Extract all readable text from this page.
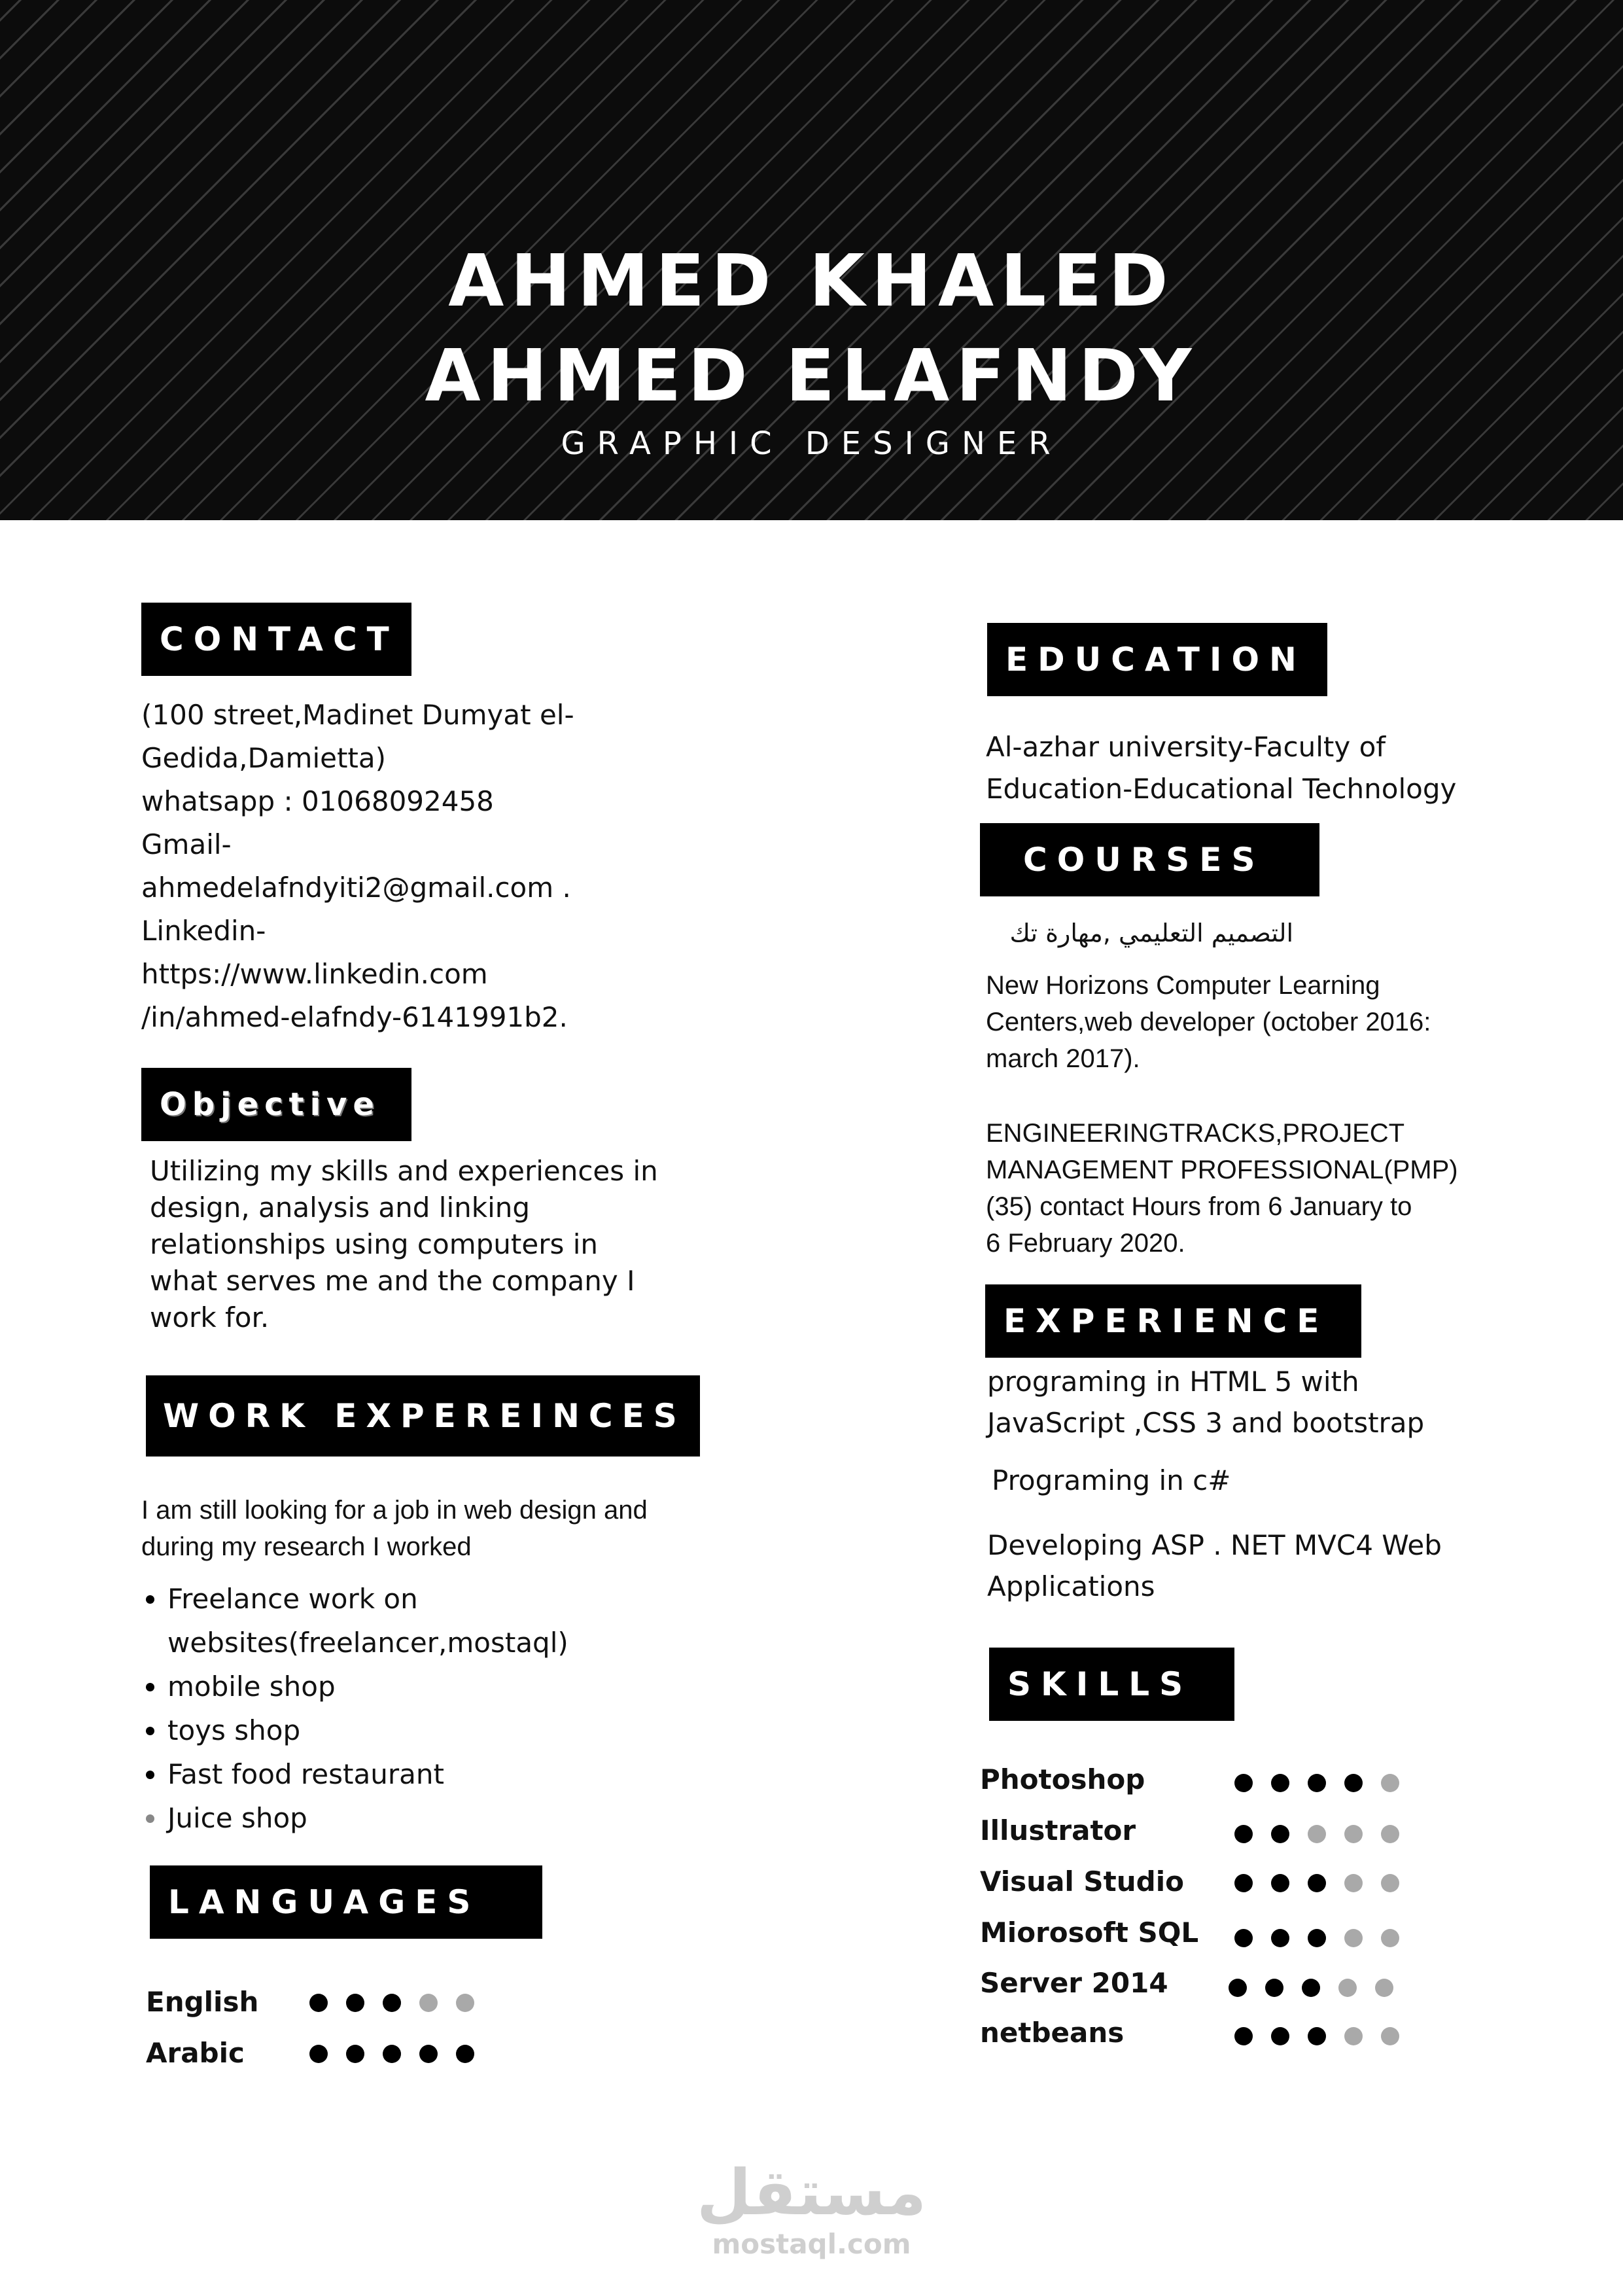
AHMED KHALED
AHMED ELAFNDY
GRAPHIC DESIGNER
CONTACT
(100 street,Madinet Dumyat el-
Gedida,Damietta)
whatsapp : 01068092458
Gmail-
ahmedelafndyiti2@gmail.com .
Linkedin-
https://www.linkedin.com
/in/ahmed-elafndy-6141991b2.
Objective
Utilizing my skills and experiences in
design, analysis and linking
relationships using computers in
what serves me and the company I
work for.
WORK EXPEREINCES
I am still looking for a job in web design and
during my research I worked
• Freelance work on websites(freelancer,mostaql)
• mobile shop
• toys shop
• Fast food restaurant
• Juice shop
LANGUAGES
English
Arabic
EDUCATION
Al-azhar university-Faculty of
Education-Educational Technology
COURSES
التصميم التعليمي ,مهارة تك
New Horizons Computer Learning
Centers,web developer (october 2016:
march 2017).
ENGINEERINGTRACKS,PROJECT
MANAGEMENT PROFESSIONAL(PMP)
(35) contact Hours from 6 January to
6 February 2020.
EXPERIENCE
programing in HTML 5 with
JavaScript ,CSS 3 and bootstrap
Programing in c#
Developing ASP . NET MVC4 Web
Applications
SKILLS
Photoshop
Illustrator
Visual Studio
Miorosoft SQL
Server 2014
netbeans
مستقل
mostaql.com
